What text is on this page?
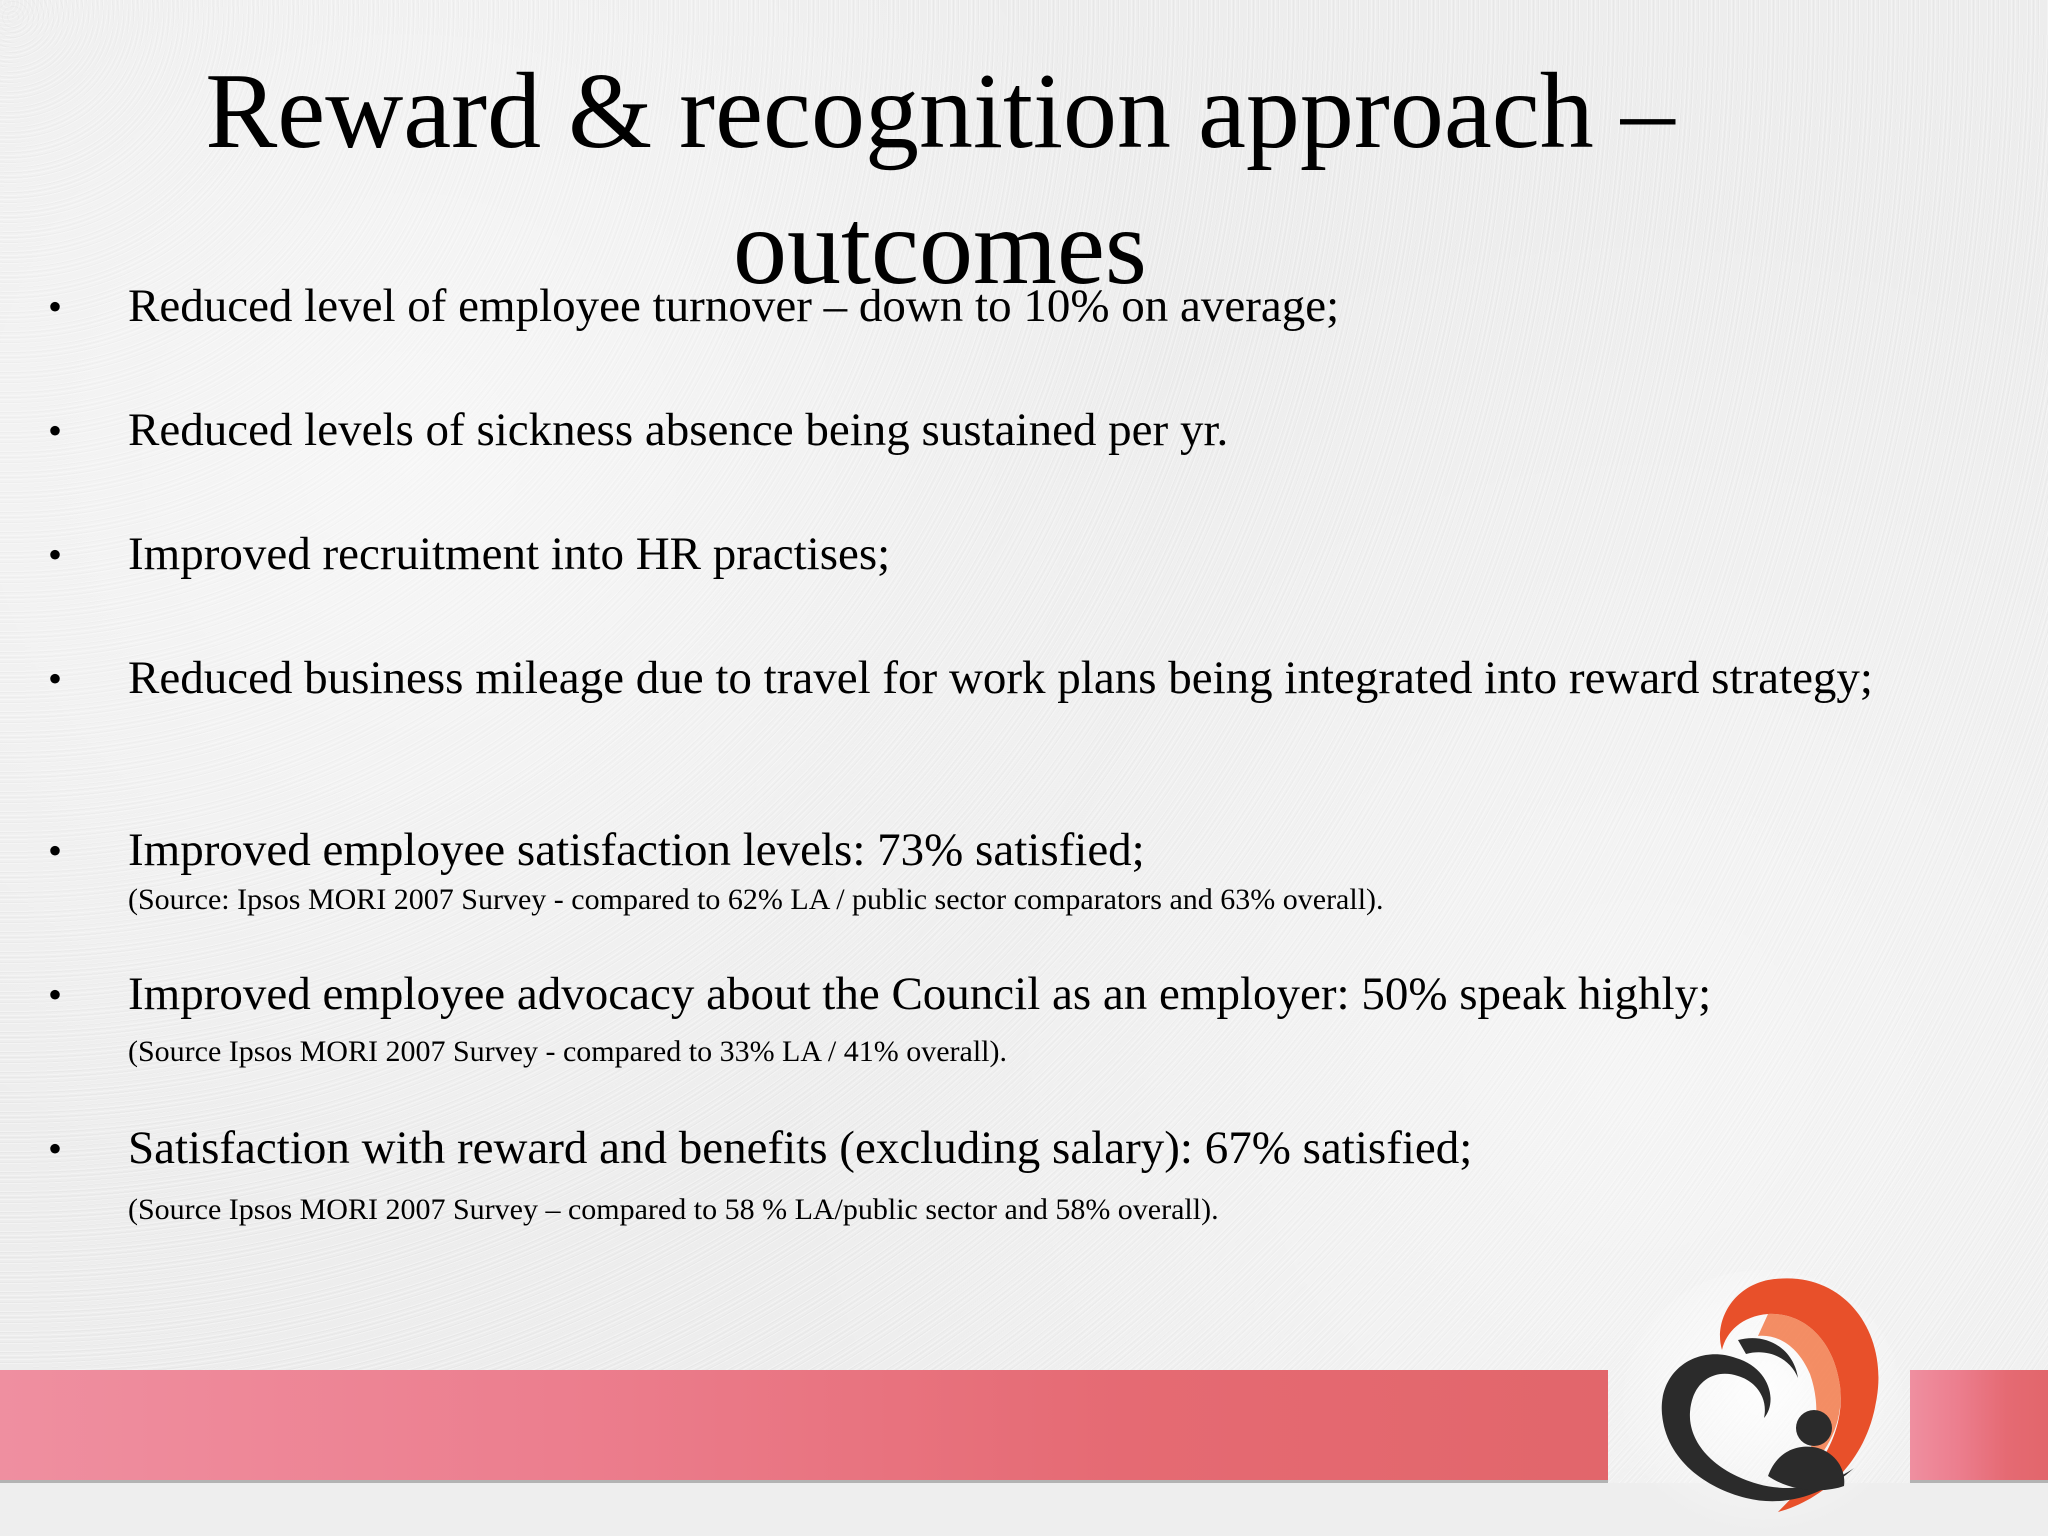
Reward & recognition approach – outcomes
• Reduced level of employee turnover – down to 10% on average;
• Reduced levels of sickness absence being sustained per yr.
• Improved recruitment into HR practises;
• Reduced business mileage due to travel for work plans being integrated into reward strategy;
• Improved employee satisfaction levels: 73% satisfied;
(Source: Ipsos MORI 2007 Survey - compared to 62% LA / public sector comparators and 63% overall).
• Improved employee advocacy about the Council as an employer: 50% speak highly;
(Source Ipsos MORI 2007 Survey - compared to 33% LA / 41% overall).
• Satisfaction with reward and benefits (excluding salary): 67% satisfied;
(Source Ipsos MORI 2007 Survey – compared to 58 % LA/public sector and 58% overall).
